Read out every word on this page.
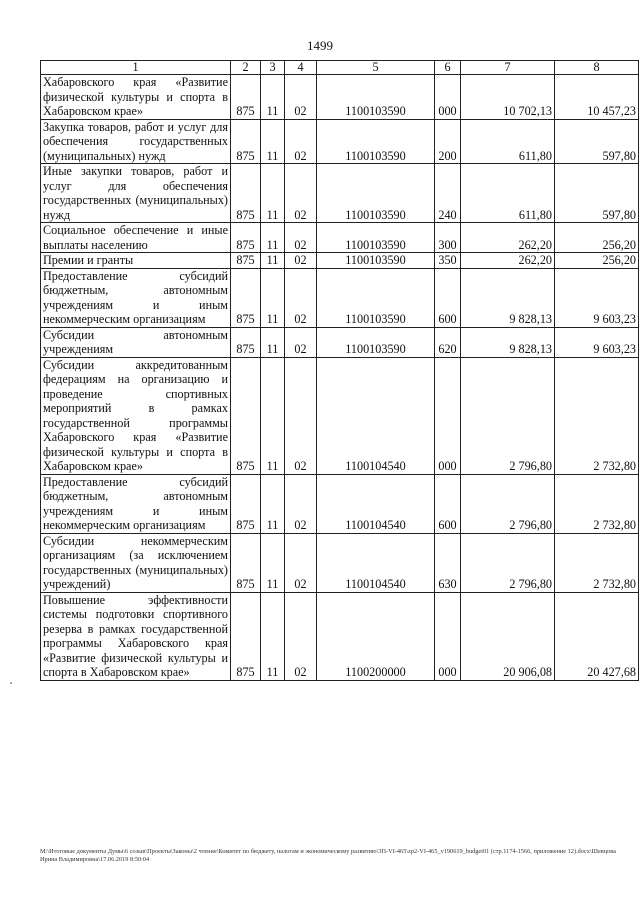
1499
1	2	3	4	5	6	7	8
Хабаровского края «Развитие физической культуры и спорта в Хабаровском крае»	875	11	02	1100103590	000	10 702,13	10 457,23
Закупка товаров, работ и услуг для обеспечения государственных (муниципальных) нужд	875	11	02	1100103590	200	611,80	597,80
Иные закупки товаров, работ и услуг для обеспечения государственных (муниципальных) нужд	875	11	02	1100103590	240	611,80	597,80
Социальное обеспечение и иные выплаты населению	875	11	02	1100103590	300	262,20	256,20
Премии и гранты	875	11	02	1100103590	350	262,20	256,20
Предоставление субсидий бюджетным, автономным учреждениям и иным некоммерческим организациям	875	11	02	1100103590	600	9 828,13	9 603,23
Субсидии автономным учреждениям	875	11	02	1100103590	620	9 828,13	9 603,23
Субсидии аккредитованным федерациям на организацию и проведение спортивных мероприятий в рамках государственной программы Хабаровского края «Развитие физической культуры и спорта в Хабаровском крае»	875	11	02	1100104540	000	2 796,80	2 732,80
Предоставление субсидий бюджетным, автономным учреждениям и иным некоммерческим организациям	875	11	02	1100104540	600	2 796,80	2 732,80
Субсидии некоммерческим организациям (за исключением государственных (муниципальных) учреждений)	875	11	02	1100104540	630	2 796,80	2 732,80
Повышение эффективности системы подготовки спортивного резерва в рамках государственной программы Хабаровского края «Развитие физической культуры и спорта в Хабаровском крае»	875	11	02	1100200000	000	20 906,08	20 427,68
M:\Итоговые документы Думы\6 созыв\Проекты\Законы\2 чтение\Комитет по бюджету, налогам и экономическому развитию\3П-VI-465\zp2-VI-465_v190619_budget01 (стр.1174-1566, приложение 12).docx\Шевцова Ирина Владимировна\17.06.2019 8:50:04
